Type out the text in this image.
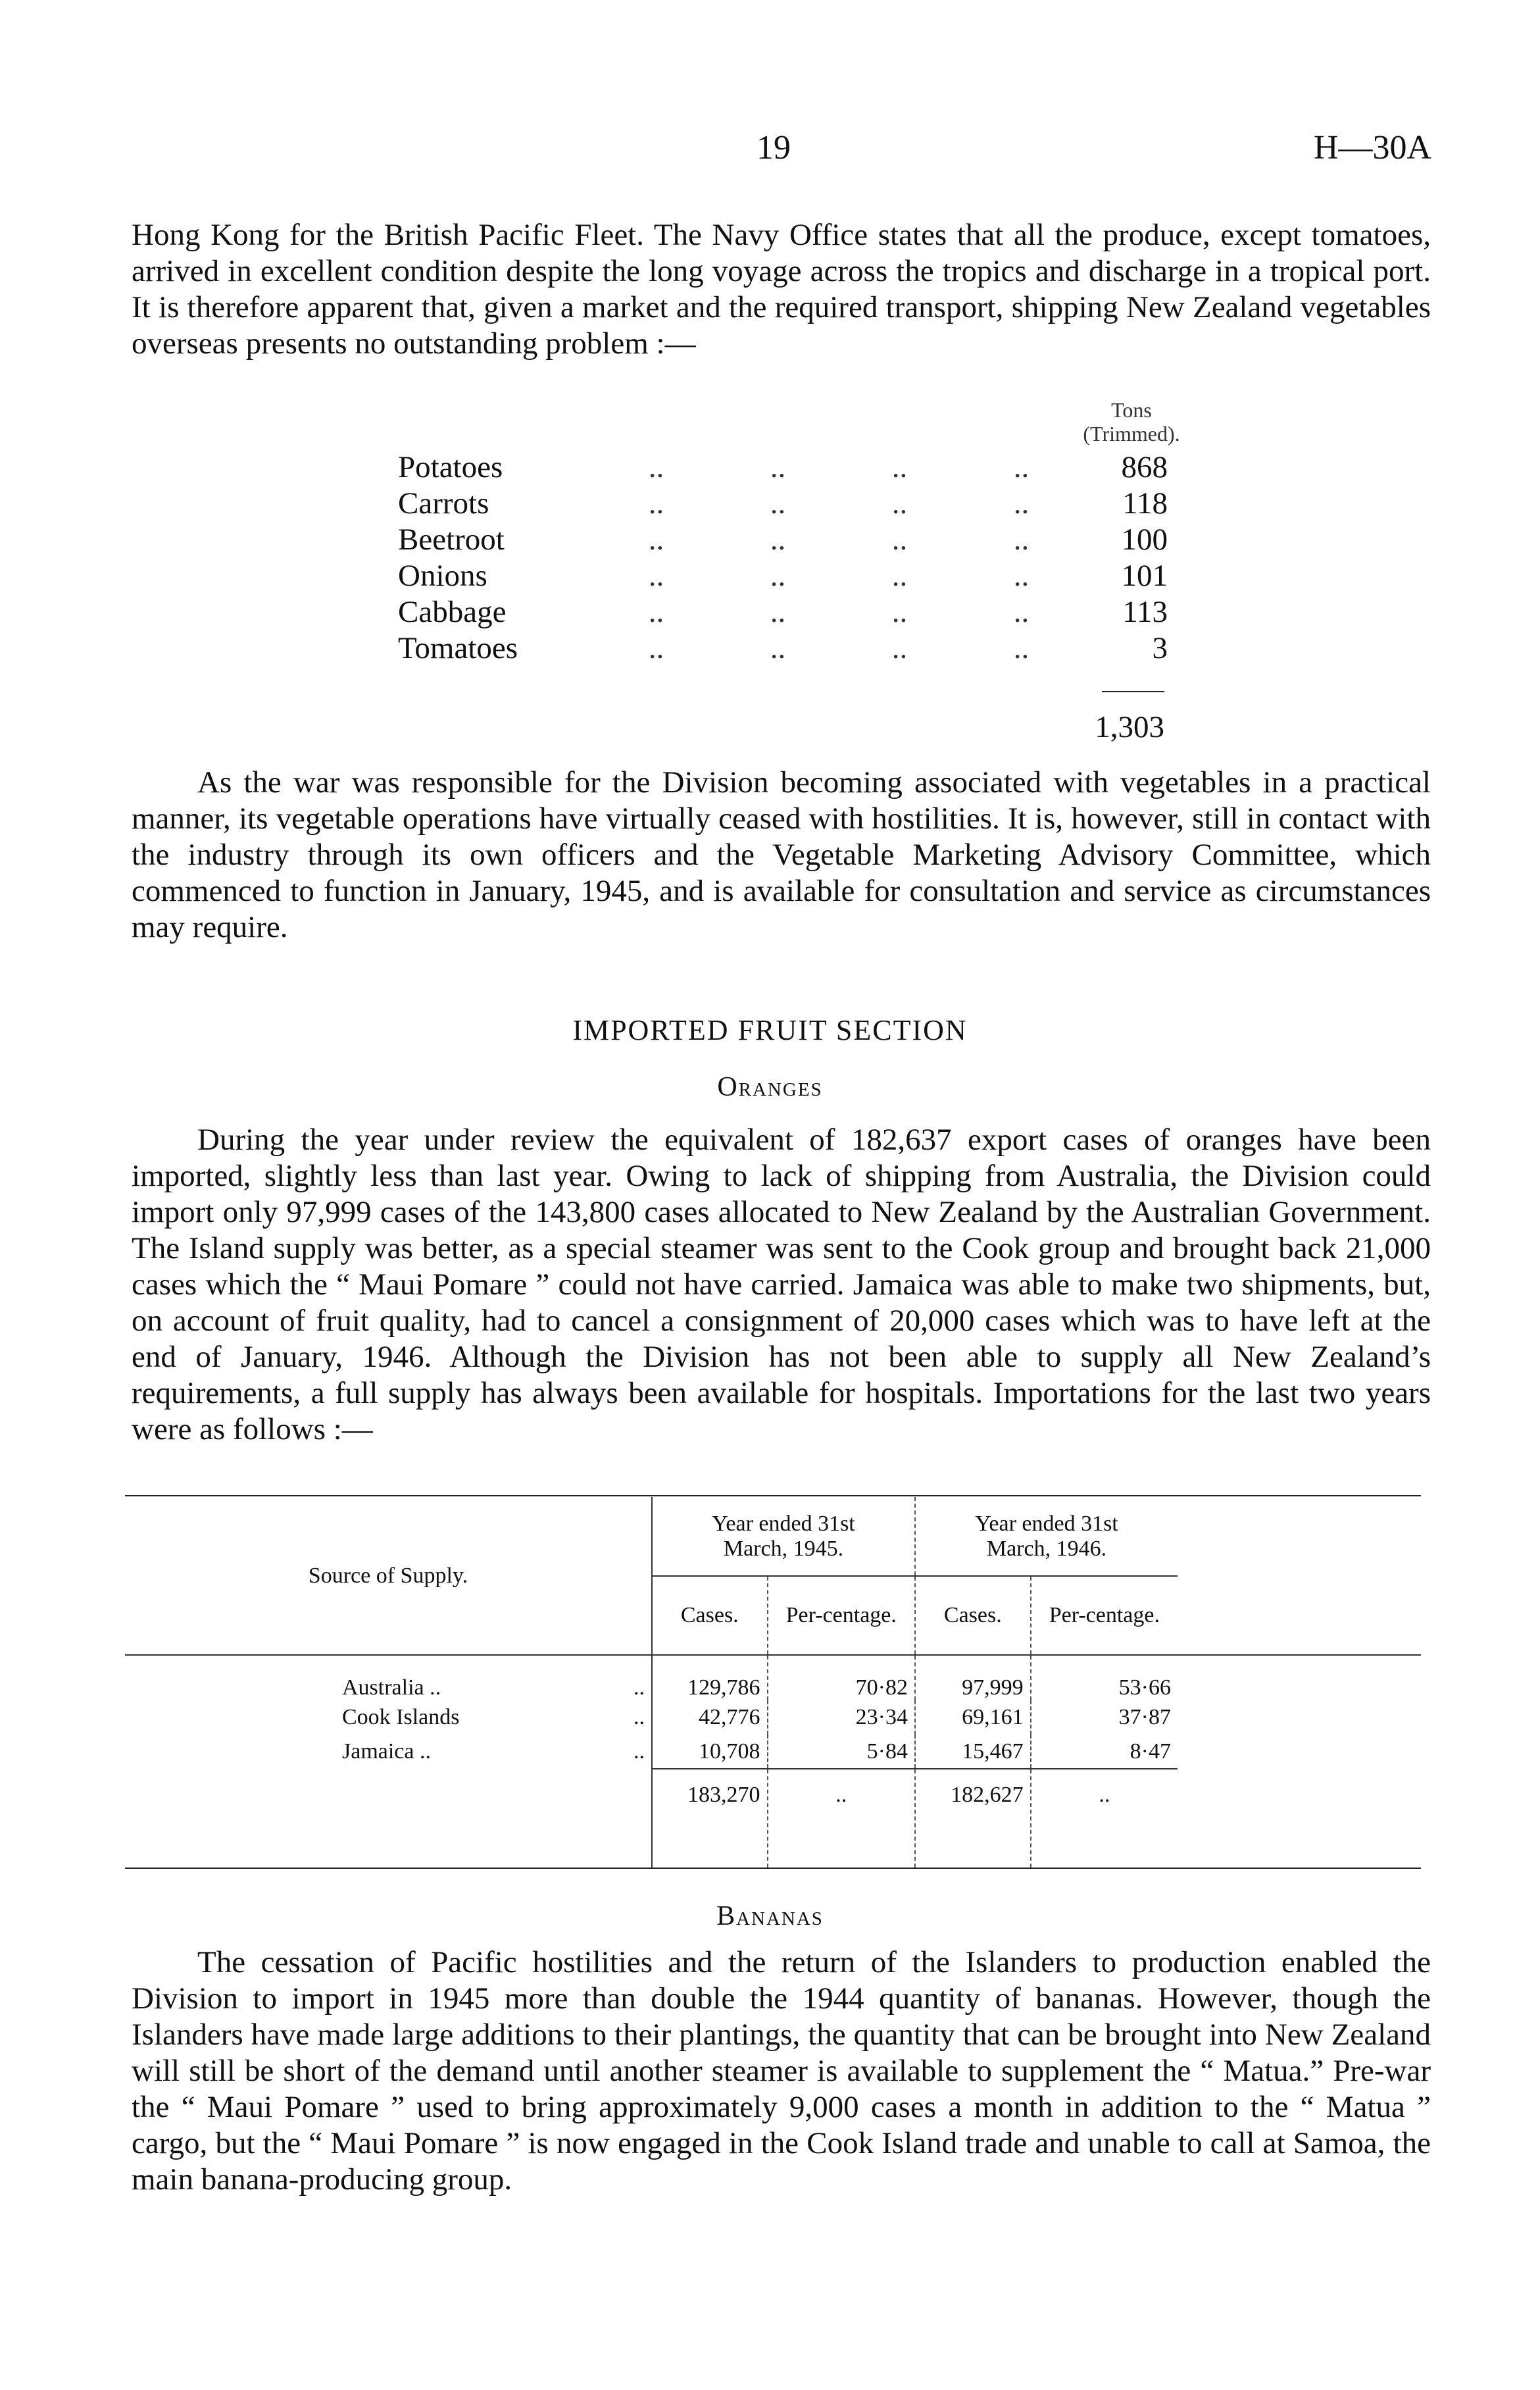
19	H—30A

Hong Kong for the British Pacific Fleet. The Navy Office states that all the produce, except tomatoes, arrived in excellent condition despite the long voyage across the tropics and discharge in a tropical port. It is therefore apparent that, given a market and the required transport, shipping New Zealand vegetables overseas presents no outstanding problem :—

Tons
(Trimmed).
Potatoes	..	..	..	..	868
Carrots	..	..	..	..	118
Beetroot	..	..	..	..	100
Onions	..	..	..	..	101
Cabbage	..	..	..	..	113
Tomatoes	..	..	..	..	3
1,303

As the war was responsible for the Division becoming associated with vegetables in a practical manner, its vegetable operations have virtually ceased with hostilities. It is, however, still in contact with the industry through its own officers and the Vegetable Marketing Advisory Committee, which commenced to function in January, 1945, and is available for consultation and service as circumstances may require.

IMPORTED FRUIT SECTION
Oranges

During the year under review the equivalent of 182,637 export cases of oranges have been imported, slightly less than last year. Owing to lack of shipping from Australia, the Division could import only 97,999 cases of the 143,800 cases allocated to New Zealand by the Australian Government. The Island supply was better, as a special steamer was sent to the Cook group and brought back 21,000 cases which the “ Maui Pomare ” could not have carried. Jamaica was able to make two shipments, but, on account of fruit quality, had to cancel a consignment of 20,000 cases which was to have left at the end of January, 1946. Although the Division has not been able to supply all New Zealand’s requirements, a full supply has always been available for hospitals. Importations for the last two years were as follows :—

Source of Supply.	Year ended 31st March, 1945.		Year ended 31st March, 1946.		
	Cases.	Per-centage.	Cases.	Per-centage.	
Australia .. ..	129,786	70·82	97,999	53·66	
Cook Islands ..	42,776	23·34	69,161	37·87	
Jamaica .. ..	10,708	5·84	15,467	8·47	
	183,270	..	182,627	..	
Bananas

The cessation of Pacific hostilities and the return of the Islanders to production enabled the Division to import in 1945 more than double the 1944 quantity of bananas. However, though the Islanders have made large additions to their plantings, the quantity that can be brought into New Zealand will still be short of the demand until another steamer is available to supplement the “ Matua.” Pre-war the “ Maui Pomare ” used to bring approximately 9,000 cases a month in addition to the “ Matua ” cargo, but the “ Maui Pomare ” is now engaged in the Cook Island trade and unable to call at Samoa, the main banana-producing group.
